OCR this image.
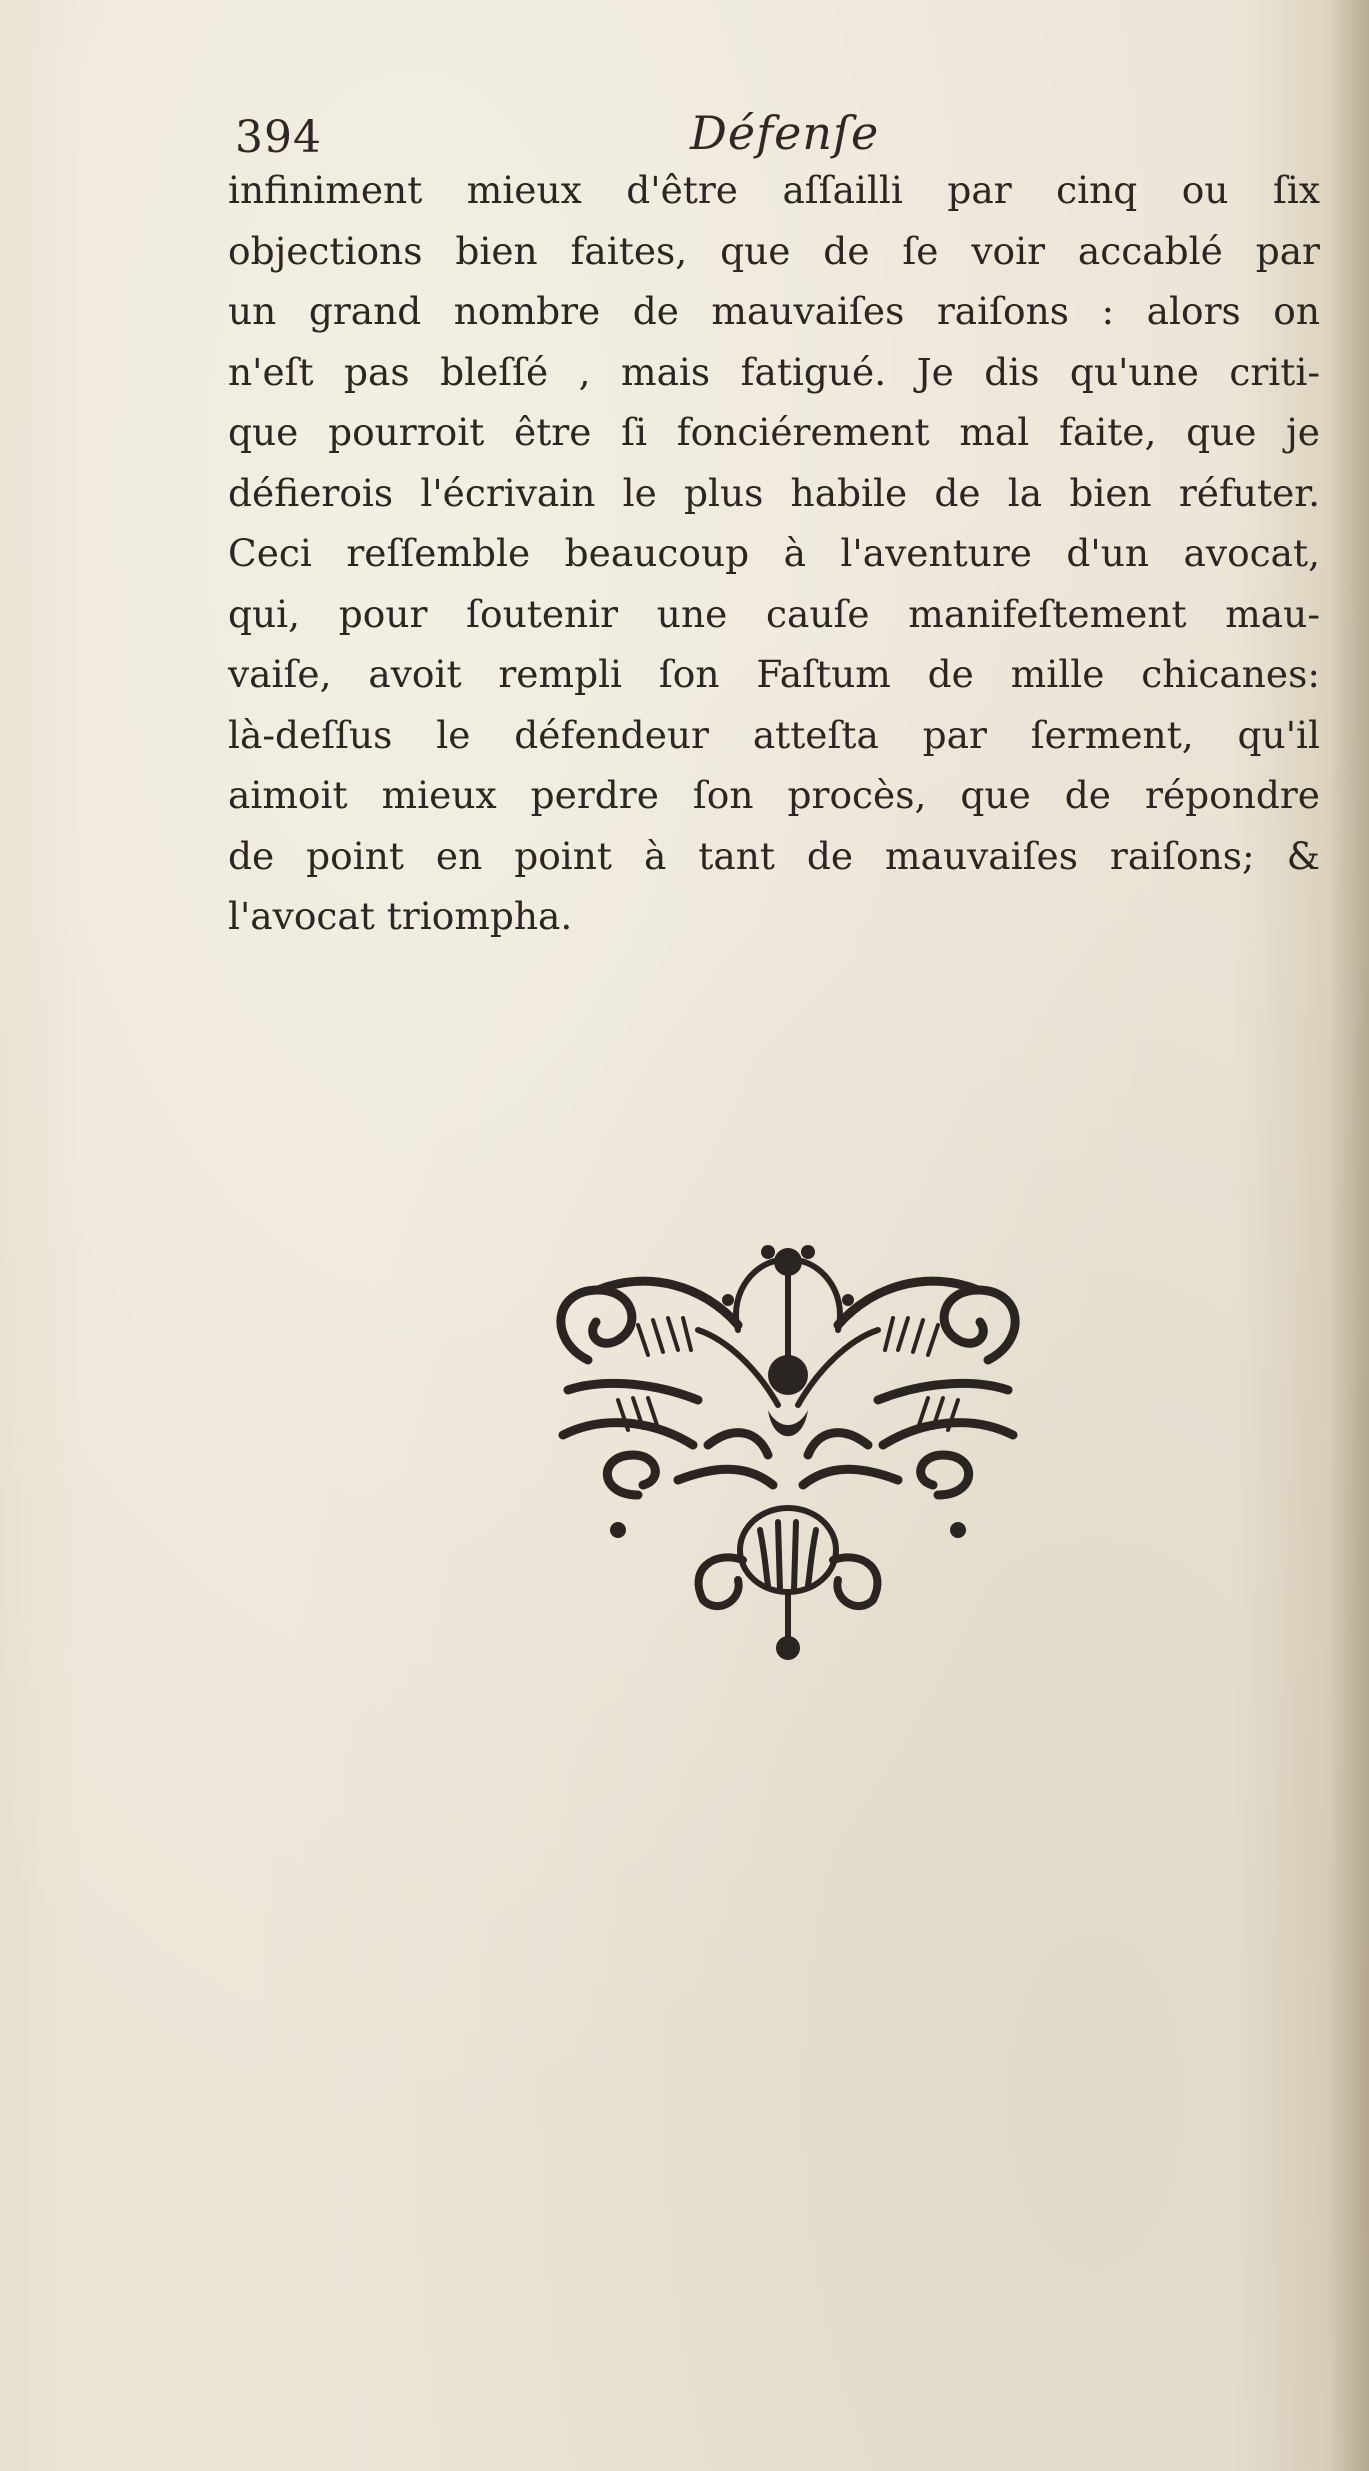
394	Défenſe
infiniment mieux d'être aſſailli par cinq ou ſix
objections bien faites, que de ſe voir accablé par
un grand nombre de mauvaiſes raiſons : alors on
n'eſt pas bleſſé , mais fatigué. Je dis qu'une criti-
que pourroit être ſi fonciérement mal faite, que je
défierois l'écrivain le plus habile de la bien réfuter.
Ceci reſſemble beaucoup à l'aventure d'un avocat,
qui, pour ſoutenir une cauſe manifeſtement mau-
vaiſe, avoit rempli ſon Faſtum de mille chicanes:
là-deſſus le défendeur atteſta par ſerment, qu'il
aimoit mieux perdre ſon procès, que de répondre
de point en point à tant de mauvaiſes raiſons; &
l'avocat triompha.
